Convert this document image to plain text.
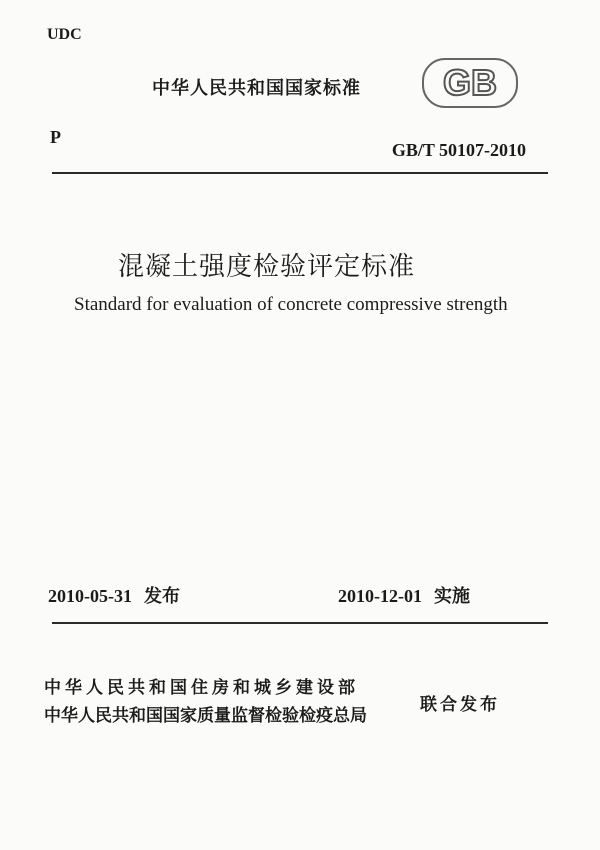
UDC
中华人民共和国国家标准 GB
P
GB/T 50107-2010
混凝土强度检验评定标准
Standard for evaluation of concrete compressive strength
2010-05-31 发布	2010-12-01 实施
中华人民共和国住房和城乡建设部
中华人民共和国国家质量监督检验检疫总局
联合发布
